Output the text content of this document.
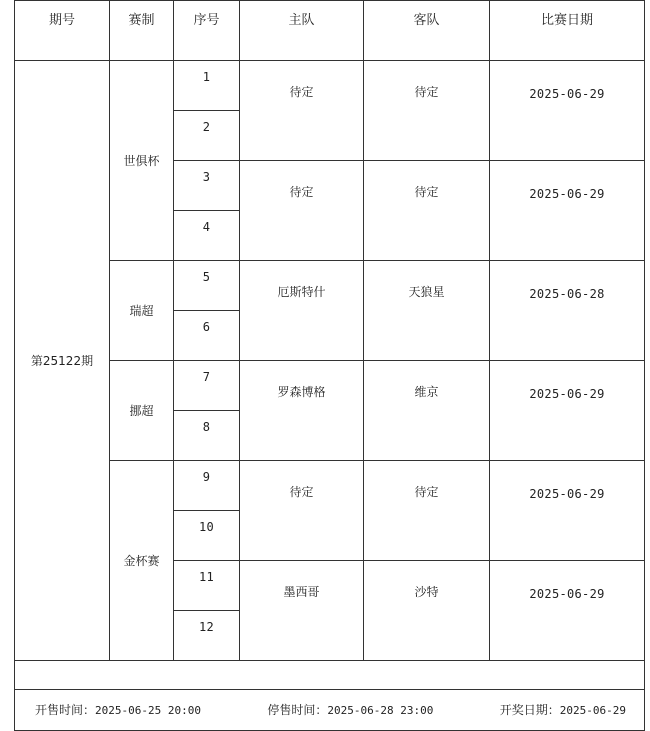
期号	赛制	序号	主队	客队	比赛日期
第25122期	世俱杯	1	待定	待定	2025-06-29
		2			
		3	待定	待定	2025-06-29
		4			
	瑞超	5	厄斯特什	天狼星	2025-06-28
		6			
	挪超	7	罗森博格	维京	2025-06-29
		8			
	金杯赛	9	待定	待定	2025-06-29
		10			
		11	墨西哥	沙特	2025-06-29
		12			

开售时间：2025-06-25 20:00 停售时间：2025-06-28 23:00 开奖日期：2025-06-29					
